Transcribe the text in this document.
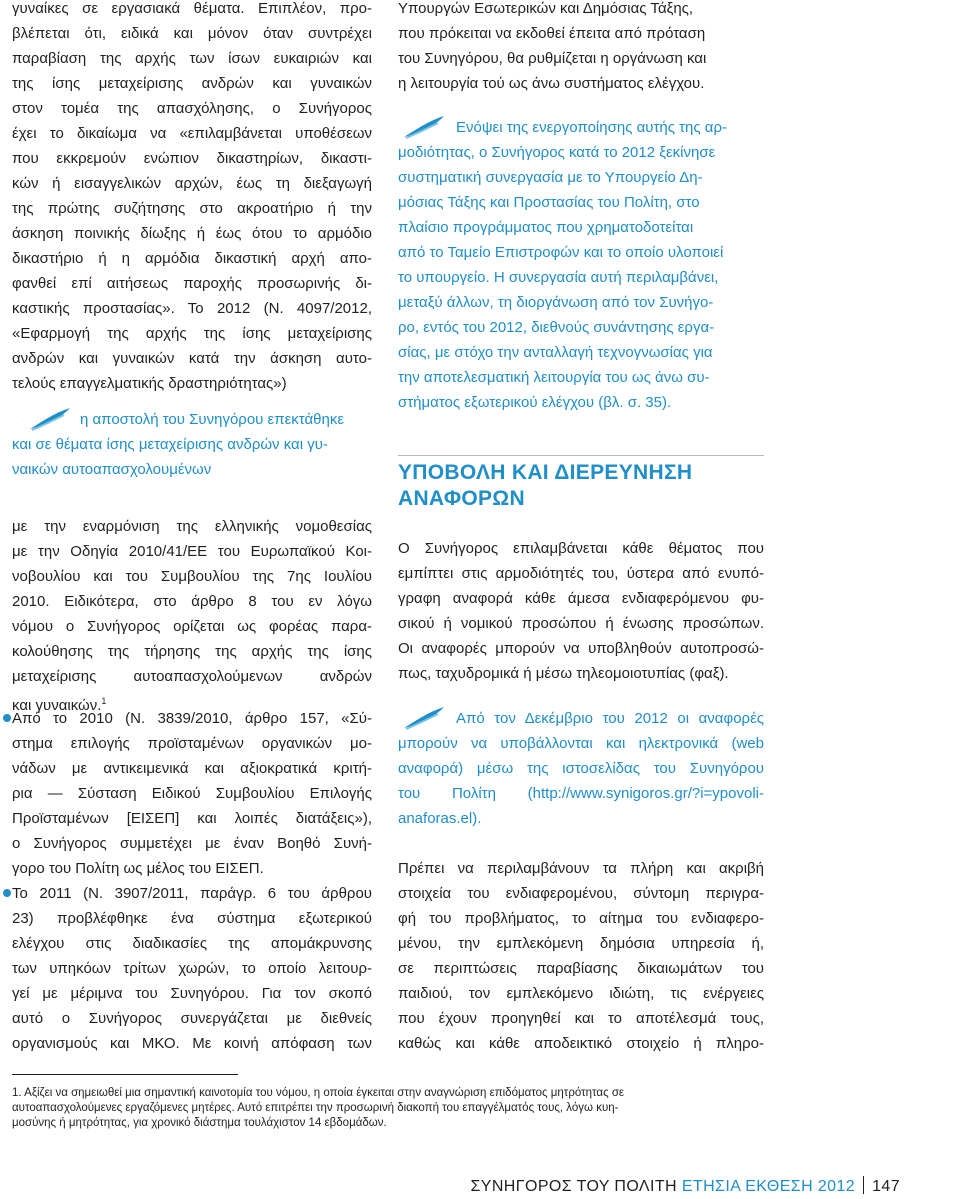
γυναίκες σε εργασιακά θέματα. Επιπλέον, προ-
βλέπεται ότι, ειδικά και μόνον όταν συντρέχει
παραβίαση της αρχής των ίσων ευκαιριών και
της ίσης μεταχείρισης ανδρών και γυναικών
στον τομέα της απασχόλησης, ο Συνήγορος
έχει το δικαίωμα να «επιλαμβάνεται υποθέσεων
που εκκρεμούν ενώπιον δικαστηρίων, δικαστι-
κών ή εισαγγελικών αρχών, έως τη διεξαγωγή
της πρώτης συζήτησης στο ακροατήριο ή την
άσκηση ποινικής δίωξης ή έως ότου το αρμόδιο
δικαστήριο ή η αρμόδια δικαστική αρχή απο-
φανθεί επί αιτήσεως παροχής προσωρινής δι-
καστικής προστασίας». Το 2012 (Ν. 4097/2012,
«Εφαρμογή της αρχής της ίσης μεταχείρισης
ανδρών και γυναικών κατά την άσκηση αυτο-
τελούς επαγγελματικής δραστηριότητας»)
η αποστολή του Συνηγόρου επεκτάθηκε
και σε θέματα ίσης μεταχείρισης ανδρών και γυ-
ναικών αυτοαπασχολουμένων
με την εναρμόνιση της ελληνικής νομοθεσίας
με την Οδηγία 2010/41/ΕΕ του Ευρωπαϊκού Κοι-
νοβουλίου και του Συμβουλίου της 7ης Ιουλίου
2010. Ειδικότερα, στο άρθρο 8 του εν λόγω
νόμου ο Συνήγορος ορίζεται ως φορέας παρα-
κολούθησης της τήρησης της αρχής της ίσης
μεταχείρισης αυτοαπασχολούμενων ανδρών
και γυναικών.$^1$
Από το 2010 (Ν. 3839/2010, άρθρο 157, «Σύ-
στημα επιλογής προϊσταμένων οργανικών μο-
νάδων με αντικειμενικά και αξιοκρατικά κριτή-
ρια — Σύσταση Ειδικού Συμβουλίου Επιλογής
Προϊσταμένων [ΕΙΣΕΠ] και λοιπές διατάξεις»),
ο Συνήγορος συμμετέχει με έναν Βοηθό Συνή-
γορο του Πολίτη ως μέλος του ΕΙΣΕΠ.
Το 2011 (Ν. 3907/2011, παράγρ. 6 του άρθρου
23) προβλέφθηκε ένα σύστημα εξωτερικού
ελέγχου στις διαδικασίες της απομάκρυνσης
των υπηκόων τρίτων χωρών, το οποίο λειτουρ-
γεί με μέριμνα του Συνηγόρου. Για τον σκοπό
αυτό ο Συνήγορος συνεργάζεται με διεθνείς
οργανισμούς και ΜΚΟ. Με κοινή απόφαση των
Υπουργών Εσωτερικών και Δημόσιας Τάξης,
που πρόκειται να εκδοθεί έπειτα από πρόταση
του Συνηγόρου, θα ρυθμίζεται η οργάνωση και
η λειτουργία τού ως άνω συστήματος ελέγχου.
Ενόψει της ενεργοποίησης αυτής της αρ-
μοδιότητας, ο Συνήγορος κατά το 2012 ξεκίνησε
συστηματική συνεργασία με το Υπουργείο Δη-
μόσιας Τάξης και Προστασίας του Πολίτη, στο
πλαίσιο προγράμματος που χρηματοδοτείται
από το Ταμείο Επιστροφών και το οποίο υλοποιεί
το υπουργείο. Η συνεργασία αυτή περιλαμβάνει,
μεταξύ άλλων, τη διοργάνωση από τον Συνήγο-
ρο, εντός του 2012, διεθνούς συνάντησης εργα-
σίας, με στόχο την ανταλλαγή τεχνογνωσίας για
την αποτελεσματική λειτουργία του ως άνω συ-
στήματος εξωτερικού ελέγχου (βλ. σ. 35).
ΥΠΟΒΟΛΗ ΚΑΙ ΔΙΕΡΕΥΝΗΣΗ
ΑΝΑΦΟΡΩΝ
Ο Συνήγορος επιλαμβάνεται κάθε θέματος που
εμπίπτει στις αρμοδιότητές του, ύστερα από ενυπό-
γραφη αναφορά κάθε άμεσα ενδιαφερόμενου φυ-
σικού ή νομικού προσώπου ή ένωσης προσώπων.
Οι αναφορές μπορούν να υποβληθούν αυτοπροσώ-
πως, ταχυδρομικά ή μέσω τηλεομοιοτυπίας (φαξ).
Από τον Δεκέμβριο του 2012 οι αναφορές
μπορούν να υποβάλλονται και ηλεκτρονικά (web
αναφορά) μέσω της ιστοσελίδας του Συνηγόρου
του Πολίτη (http://www.synigoros.gr/?i=ypovoli-
anaforas.el).
Πρέπει να περιλαμβάνουν τα πλήρη και ακριβή
στοιχεία του ενδιαφερομένου, σύντομη περιγρα-
φή του προβλήματος, το αίτημα του ενδιαφερο-
μένου, την εμπλεκόμενη δημόσια υπηρεσία ή,
σε περιπτώσεις παραβίασης δικαιωμάτων του
παιδιού, τον εμπλεκόμενο ιδιώτη, τις ενέργειες
που έχουν προηγηθεί και το αποτέλεσμά τους,
καθώς και κάθε αποδεικτικό στοιχείο ή πληρο-
1. Αξίζει να σημειωθεί μια σημαντική καινοτομία του νόμου, η οποία έγκειται στην αναγνώριση επιδόματος μητρότητας σε
αυτοαπασχολούμενες εργαζόμενες μητέρες. Αυτό επιτρέπει την προσωρινή διακοπή του επαγγέλματός τους, λόγω κυη-
μοσύνης ή μητρότητας, για χρονικό διάστημα τουλάχιστον 14 εβδομάδων.
ΣΥΝΗΓΟΡΟΣ ΤΟΥ ΠΟΛΙΤΗ ΕΤΗΣΙΑ ΕΚΘΕΣΗ 2012 147
